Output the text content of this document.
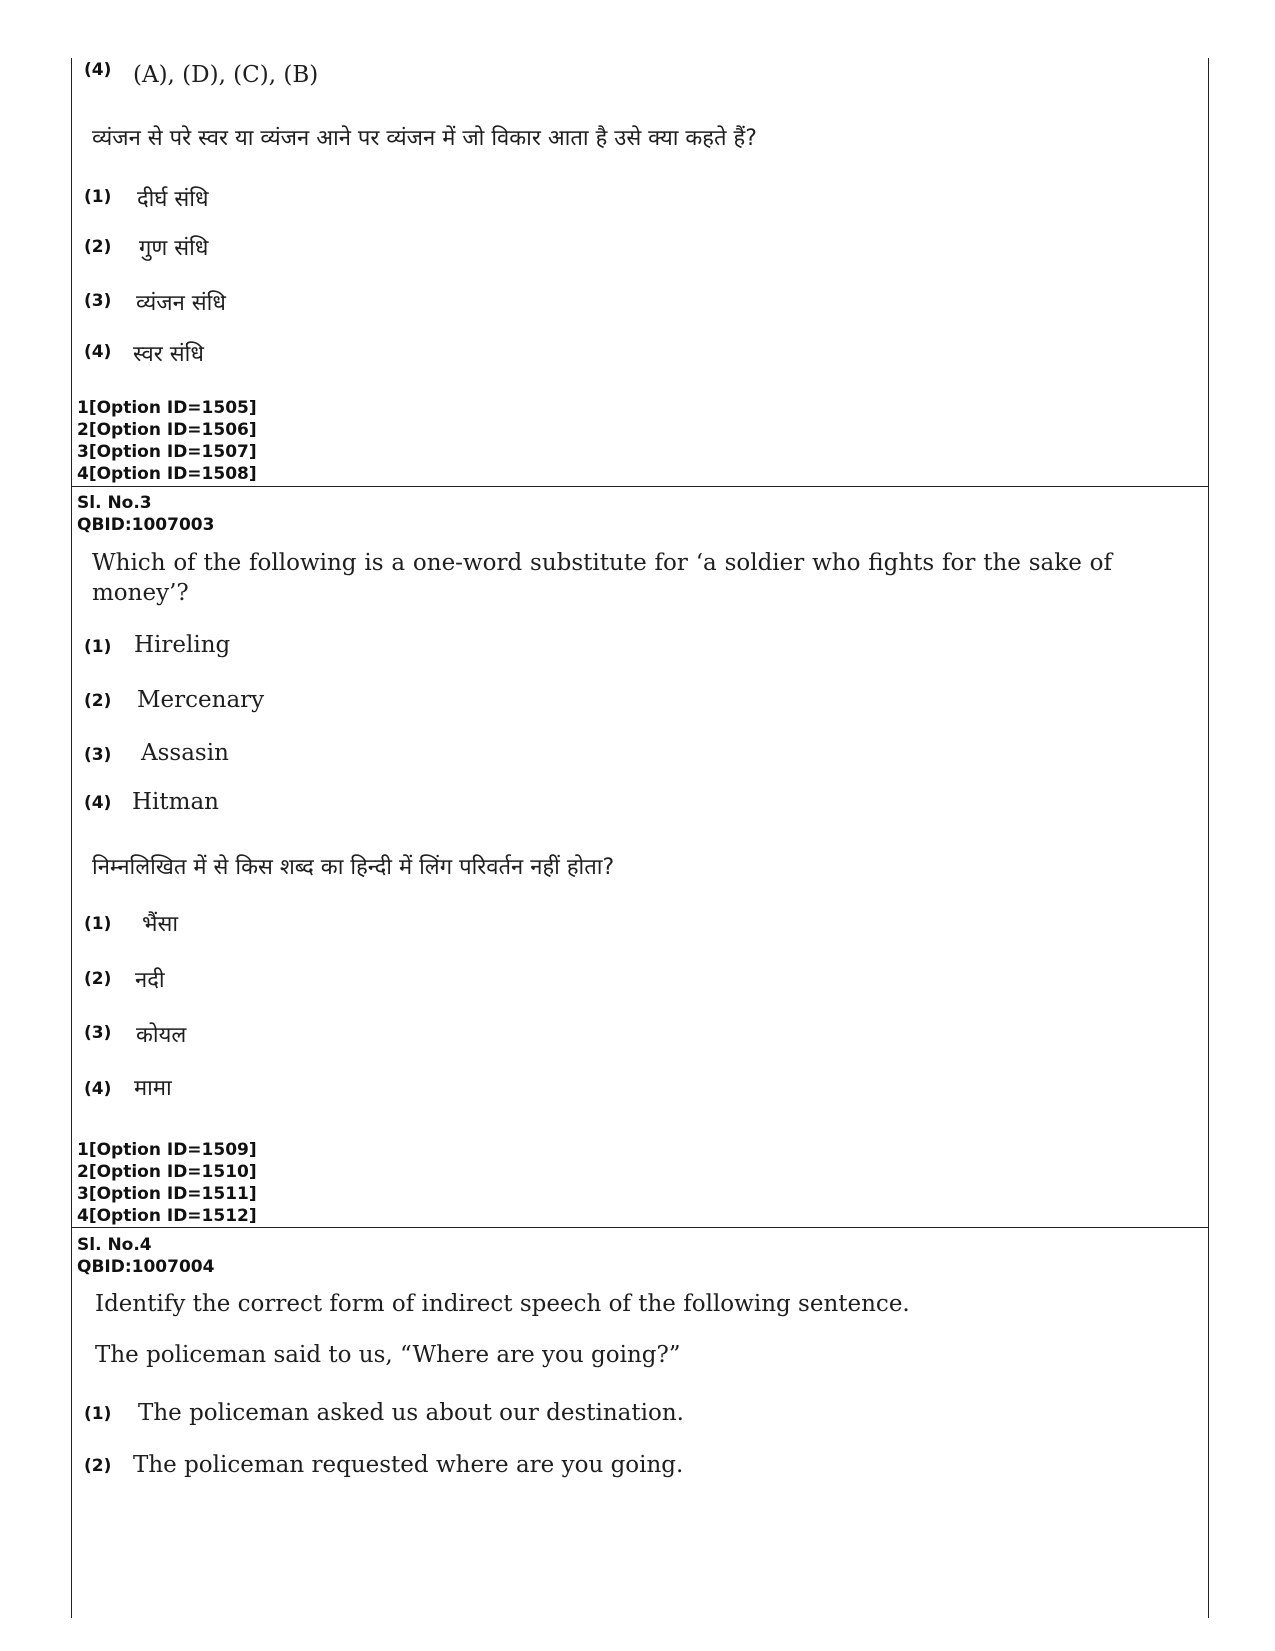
(4) (A), (D), (C), (B)
व्यंजन से परे स्वर या व्यंजन आने पर व्यंजन में जो विकार आता है उसे क्या कहते हैं?
(1) दीर्घ संधि
(2) गुण संधि
(3) व्यंजन संधि
(4) स्वर संधि
1[Option ID=1505]
2[Option ID=1506]
3[Option ID=1507]
4[Option ID=1508]
Sl. No.3
QBID:1007003
Which of the following is a one-word substitute for ‘a soldier who fights for the sake of money’?
(1) Hireling
(2) Mercenary
(3) Assasin
(4) Hitman
निम्नलिखित में से किस शब्द का हिन्दी में लिंग परिवर्तन नहीं होता?
(1) भैंसा
(2) नदी
(3) कोयल
(4) मामा
1[Option ID=1509]
2[Option ID=1510]
3[Option ID=1511]
4[Option ID=1512]
Sl. No.4
QBID:1007004
Identify the correct form of indirect speech of the following sentence.
The policeman said to us, “Where are you going?”
(1) The policeman asked us about our destination.
(2) The policeman requested where are you going.
